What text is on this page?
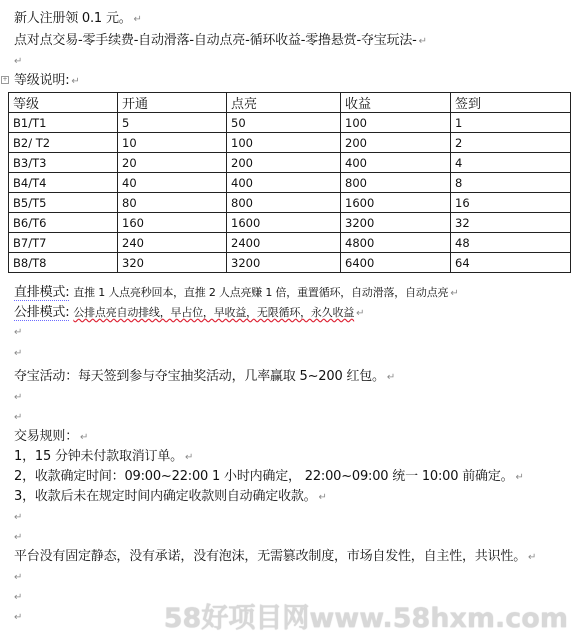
新人注册领 0.1 元。 ↵
点对点交易-零手续费-自动滑落-自动点亮-循环收益-零撸悬赏-夺宝玩法- ↵
↵
+ 等级说明: ↵
等级	开通	点亮	收益	签到
B1/T1	5	50	100	1
B2/ T2	10	100	200	2
B3/T3	20	200	400	4
B4/T4	40	400	800	8
B5/T5	80	800	1600	16
B6/T6	160	1600	3200	32
B7/T7	240	2400	4800	48
B8/T8	320	3200	6400	64
直排模式: 直推 1 人点亮秒回本，直推 2 人点亮赚 1 倍，重置循环，自动滑落，自动点亮 ↵
公排模式: 公排点亮自动排线，早占位，早收益，无限循环，永久收益 ↵
↵
↵
夺宝活动：每天签到参与夺宝抽奖活动，几率赢取 5~200 红包。 ↵
↵
↵
交易规则： ↵
1，15 分钟未付款取消订单。 ↵
2，收款确定时间：09:00~22:00 1 小时内确定， 22:00~09:00 统一 10:00 前确定。 ↵
3，收款后未在规定时间内确定收款则自动确定收款。 ↵
↵
↵
平台没有固定静态，没有承诺，没有泡沫，无需篡改制度，市场自发性，自主性，共识性。 ↵
↵
↵
↵	58好项目网www.58hxm.com
